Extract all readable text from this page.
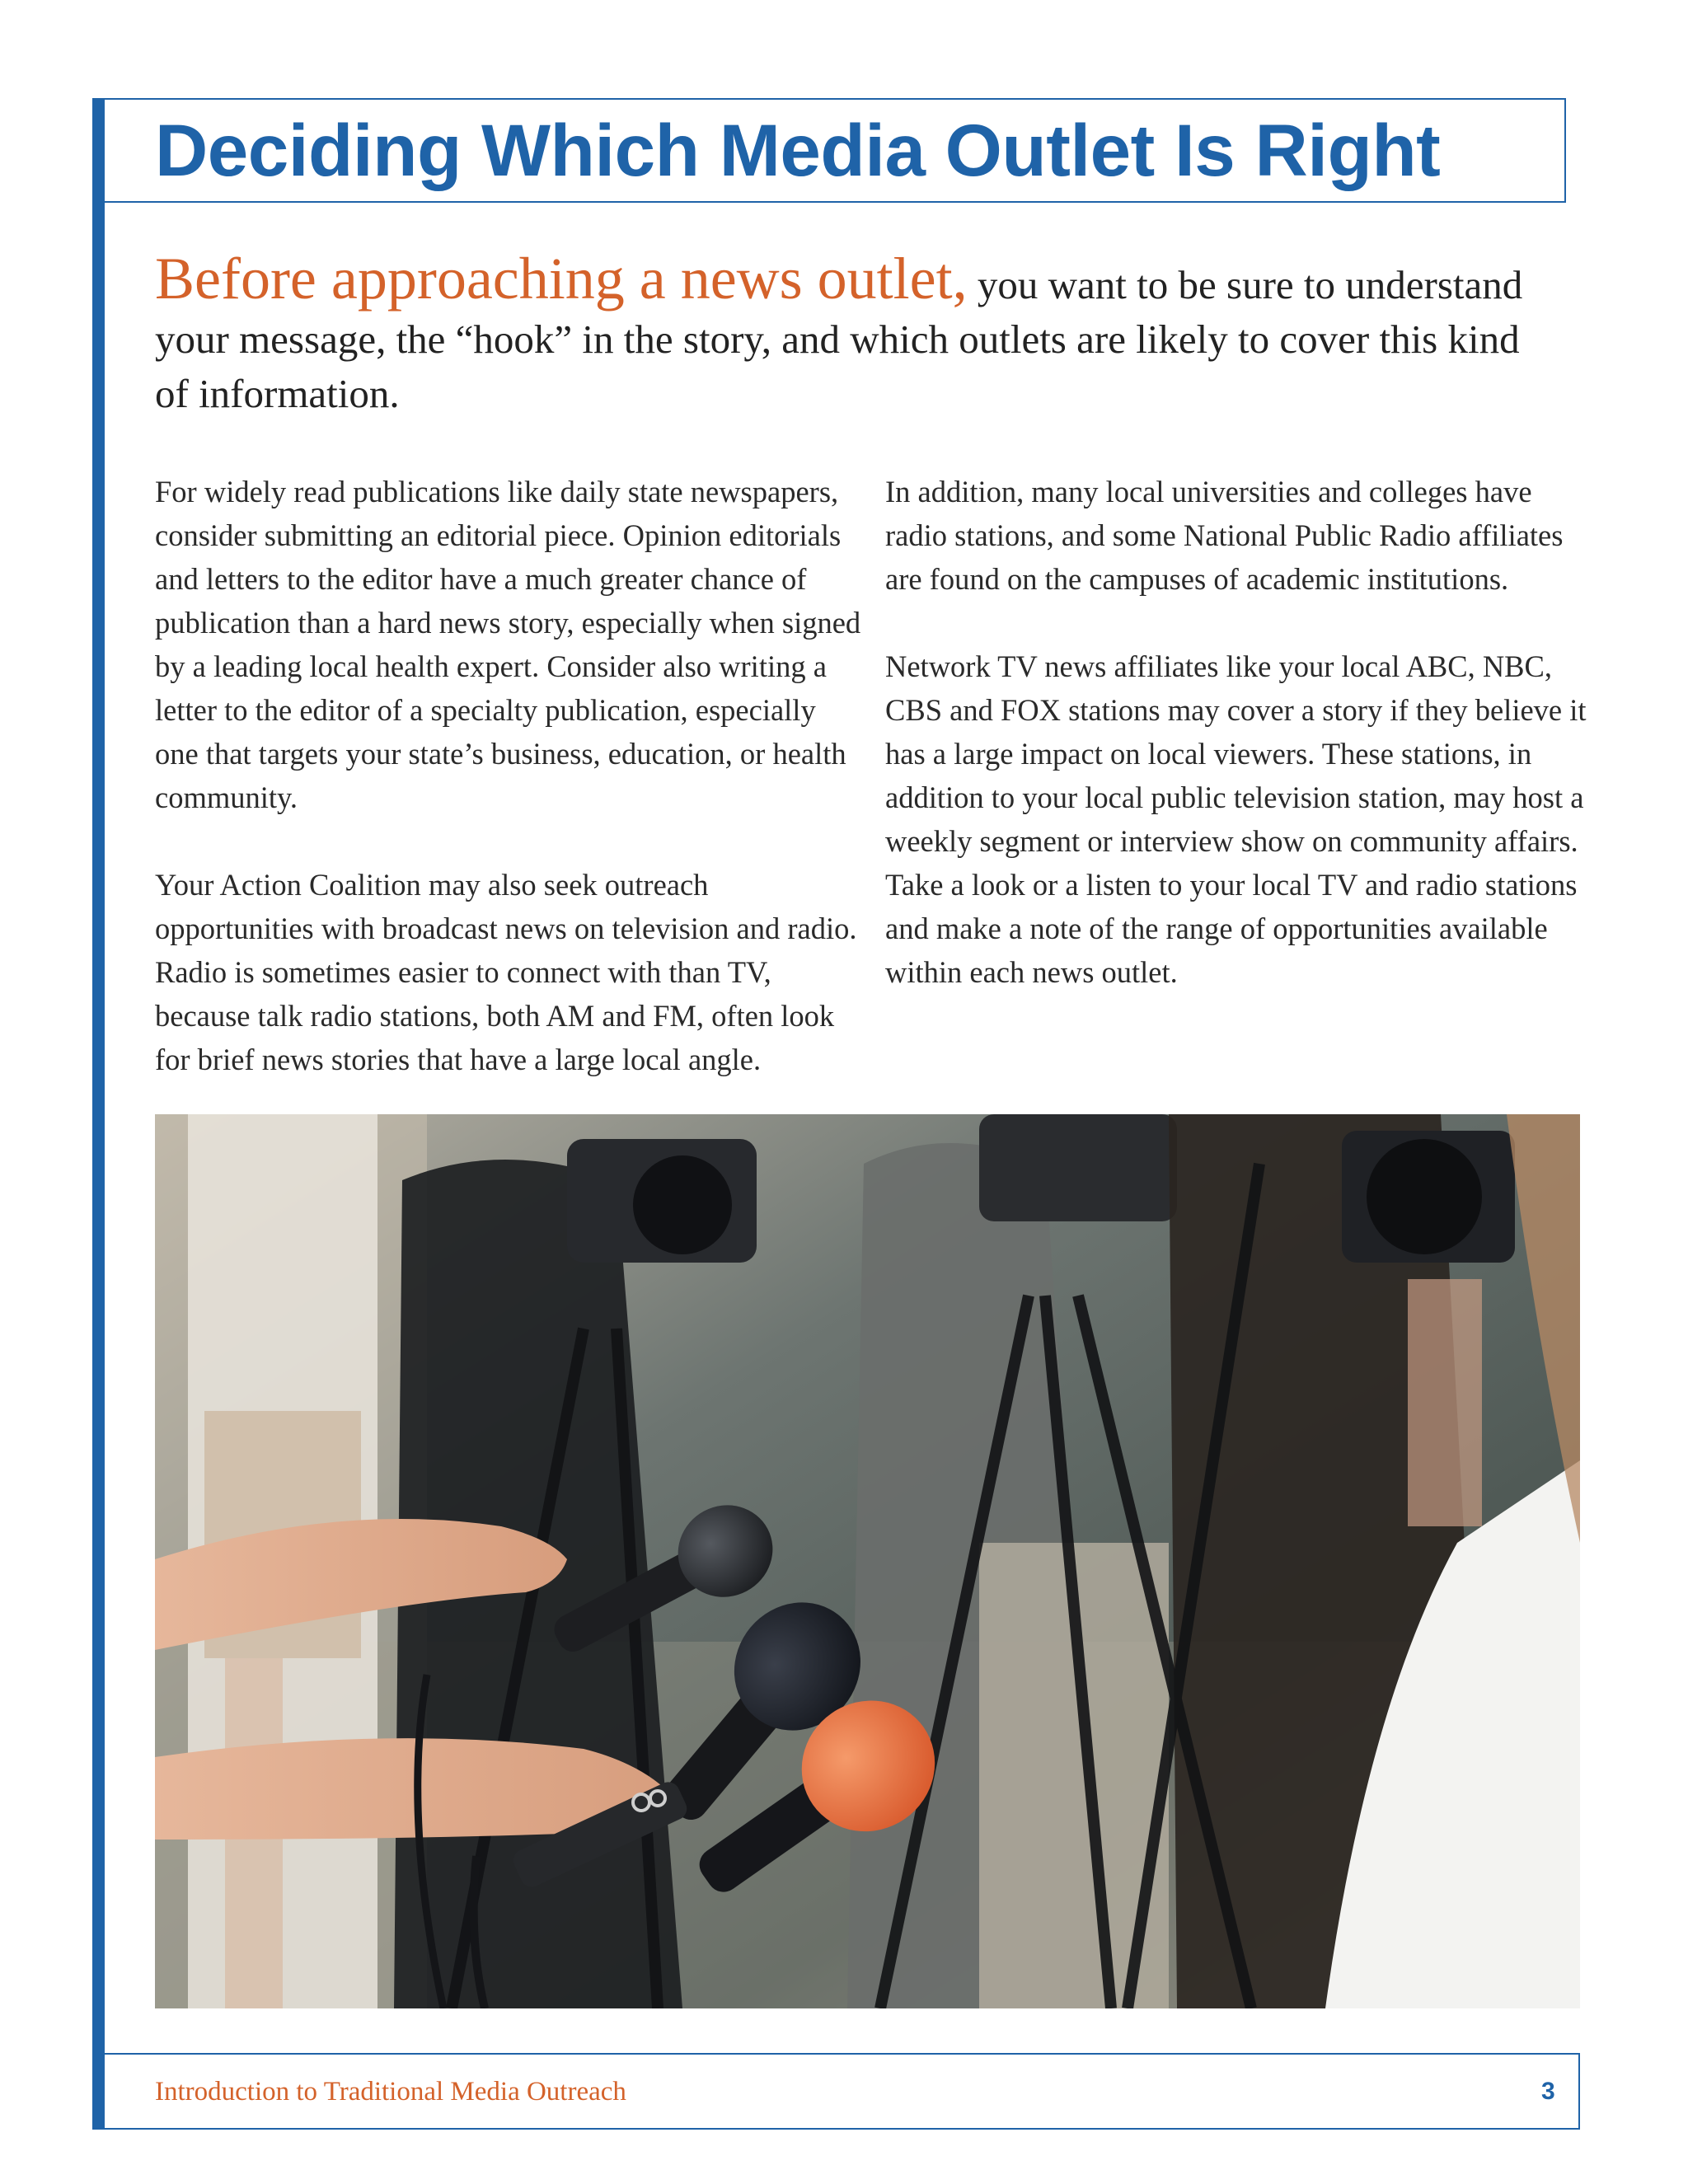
Deciding Which Media Outlet Is Right

Before approaching a news outlet, you want to be sure to understand your message, the “hook” in the story, and which outlets are likely to cover this kind of information.

For widely read publications like daily state newspapers, consider submitting an editorial piece. Opinion editorials and letters to the editor have a much greater chance of publication than a hard news story, especially when signed by a leading local health expert. Consider also writing a letter to the editor of a specialty publication, especially one that targets your state’s business, education, or health community.

Your Action Coalition may also seek outreach opportunities with broadcast news on television and radio. Radio is sometimes easier to connect with than TV, because talk radio stations, both AM and FM, often look for brief news stories that have a large local angle.

In addition, many local universities and colleges have radio stations, and some National Public Radio affiliates are found on the campuses of academic institutions.

Network TV news affiliates like your local ABC, NBC, CBS and FOX stations may cover a story if they believe it has a large impact on local viewers. These stations, in addition to your local public television station, may host a weekly segment or interview show on community affairs. Take a look or a listen to your local TV and radio stations and make a note of the range of opportunities available within each news outlet.

Introduction to Traditional Media Outreach	3
